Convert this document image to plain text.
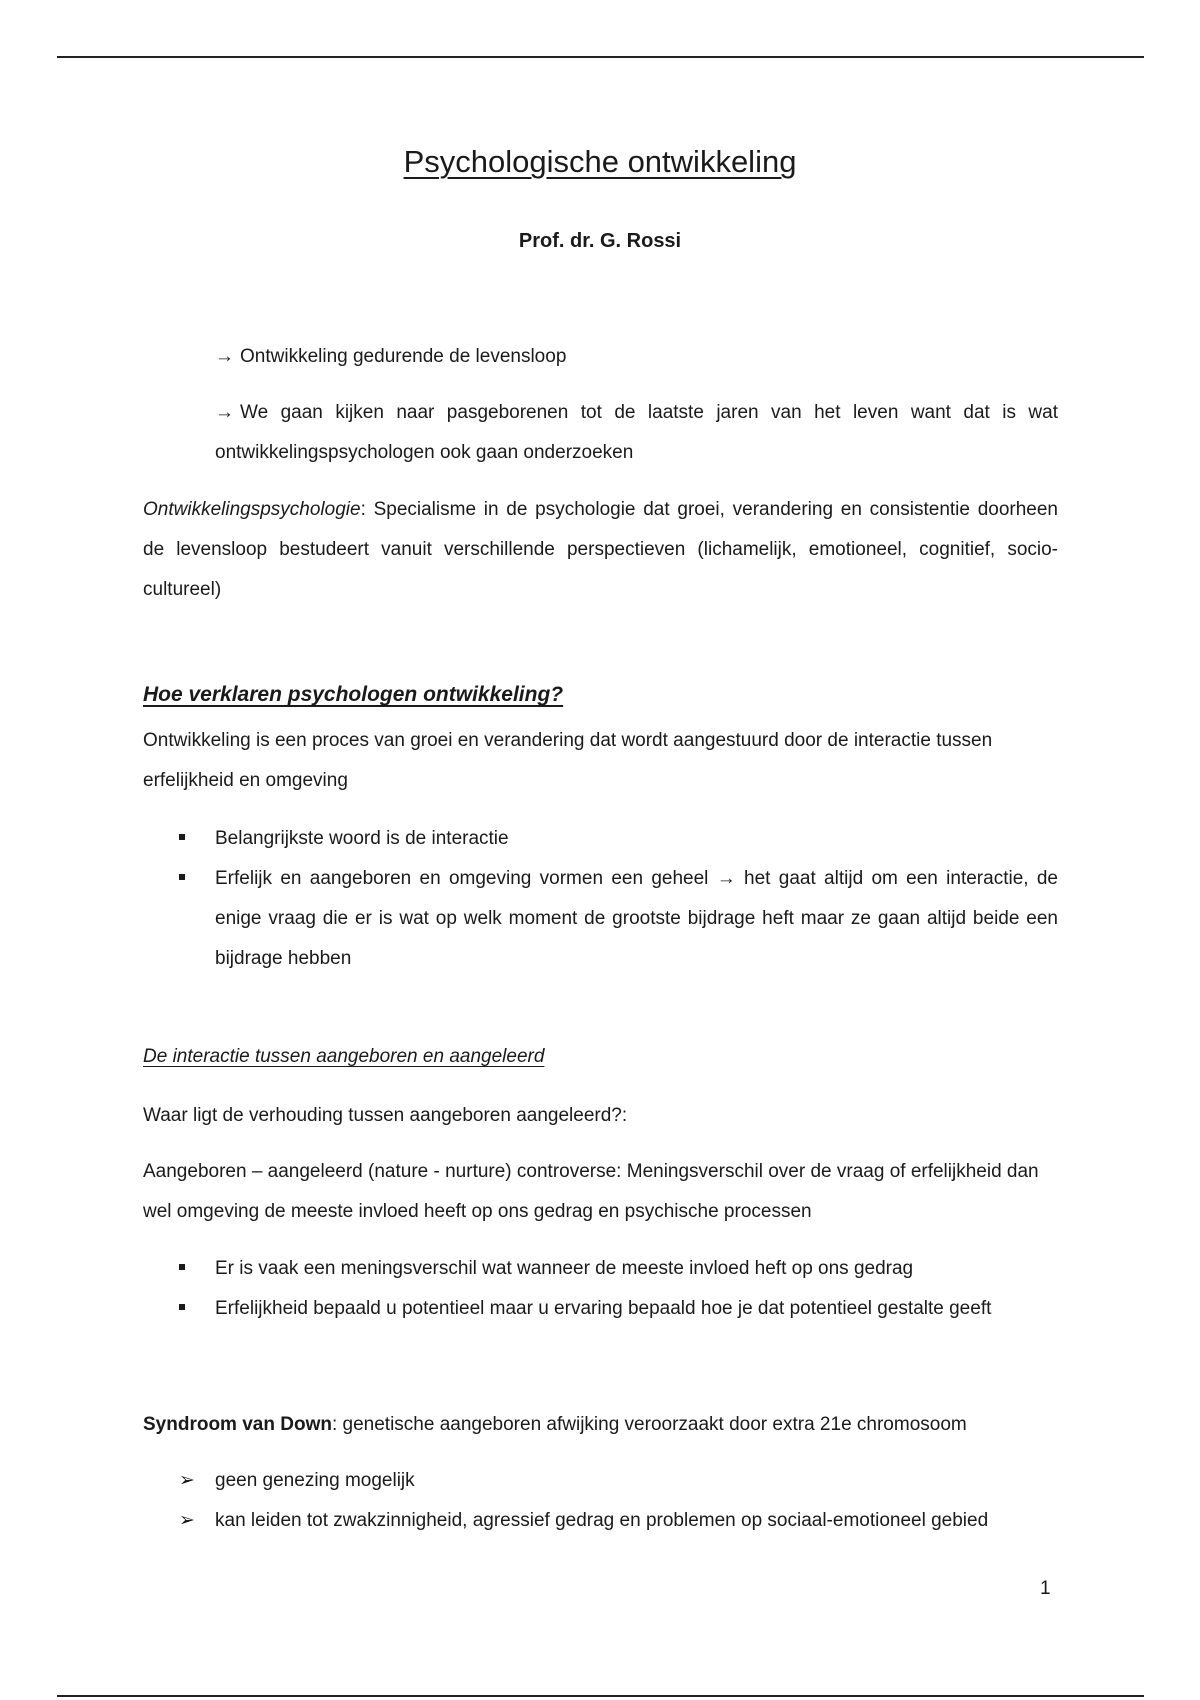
Psychologische ontwikkeling
Prof. dr. G. Rossi
→ Ontwikkeling gedurende de levensloop
→ We gaan kijken naar pasgeborenen tot de laatste jaren van het leven want dat is wat ontwikkelingspsychologen ook gaan onderzoeken
Ontwikkelingspsychologie: Specialisme in de psychologie dat groei, verandering en consistentie doorheen de levensloop bestudeert vanuit verschillende perspectieven (lichamelijk, emotioneel, cognitief, socio-cultureel)
Hoe verklaren psychologen ontwikkeling?
Ontwikkeling is een proces van groei en verandering dat wordt aangestuurd door de interactie tussen erfelijkheid en omgeving
Belangrijkste woord is de interactie
Erfelijk en aangeboren en omgeving vormen een geheel → het gaat altijd om een interactie, de enige vraag die er is wat op welk moment de grootste bijdrage heft maar ze gaan altijd beide een bijdrage hebben
De interactie tussen aangeboren en aangeleerd
Waar ligt de verhouding tussen aangeboren aangeleerd?:
Aangeboren – aangeleerd (nature - nurture) controverse: Meningsverschil over de vraag of erfelijkheid dan wel omgeving de meeste invloed heeft op ons gedrag en psychische processen
Er is vaak een meningsverschil wat wanneer de meeste invloed heft op ons gedrag
Erfelijkheid bepaald u potentieel maar u ervaring bepaald hoe je dat potentieel gestalte geeft
Syndroom van Down: genetische aangeboren afwijking veroorzaakt door extra 21e chromosoom
➢	geen genezing mogelijk
➢	kan leiden tot zwakzinnigheid, agressief gedrag en problemen op sociaal-emotioneel gebied
1
